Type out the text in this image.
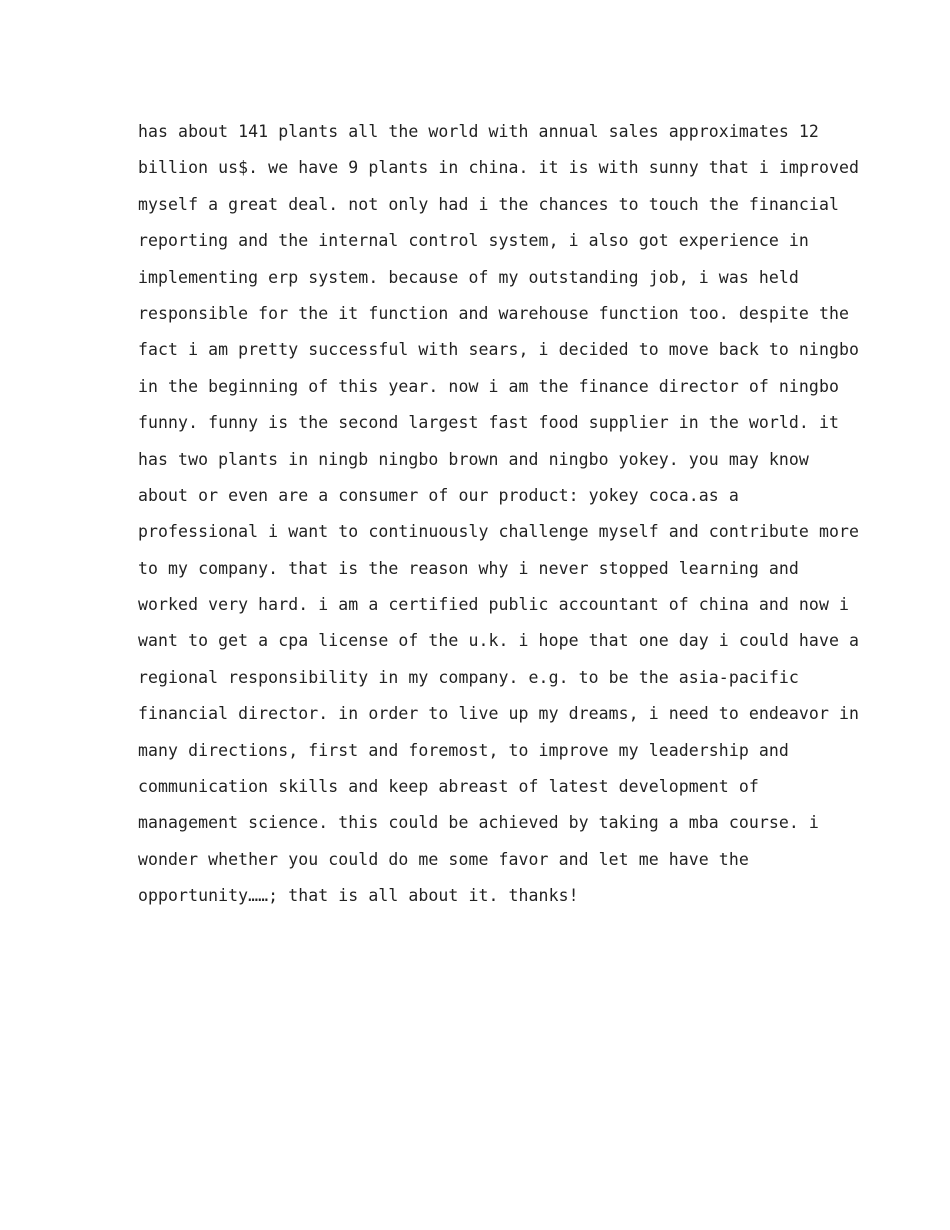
has about 141 plants all the world with annual sales approximates 12
billion us$. we have 9 plants in china. it is with sunny that i improved
myself a great deal. not only had i the chances to touch the financial
reporting and the internal control system, i also got experience in
implementing erp system. because of my outstanding job, i was held
responsible for the it function and warehouse function too. despite the
fact i am pretty successful with sears, i decided to move back to ningbo
in the beginning of this year. now i am the finance director of ningbo
funny. funny is the second largest fast food supplier in the world. it
has two plants in ningb ningbo brown and ningbo yokey. you may know
about or even are a consumer of our product: yokey coca.as a
professional i want to continuously challenge myself and contribute more
to my company. that is the reason why i never stopped learning and
worked very hard. i am a certified public accountant of china and now i
want to get a cpa license of the u.k. i hope that one day i could have a
regional responsibility in my company. e.g. to be the asia-pacific
financial director. in order to live up my dreams, i need to endeavor in
many directions, first and foremost, to improve my leadership and
communication skills and keep abreast of latest development of
management science. this could be achieved by taking a mba course. i
wonder whether you could do me some favor and let me have the
opportunity……; that is all about it. thanks!
